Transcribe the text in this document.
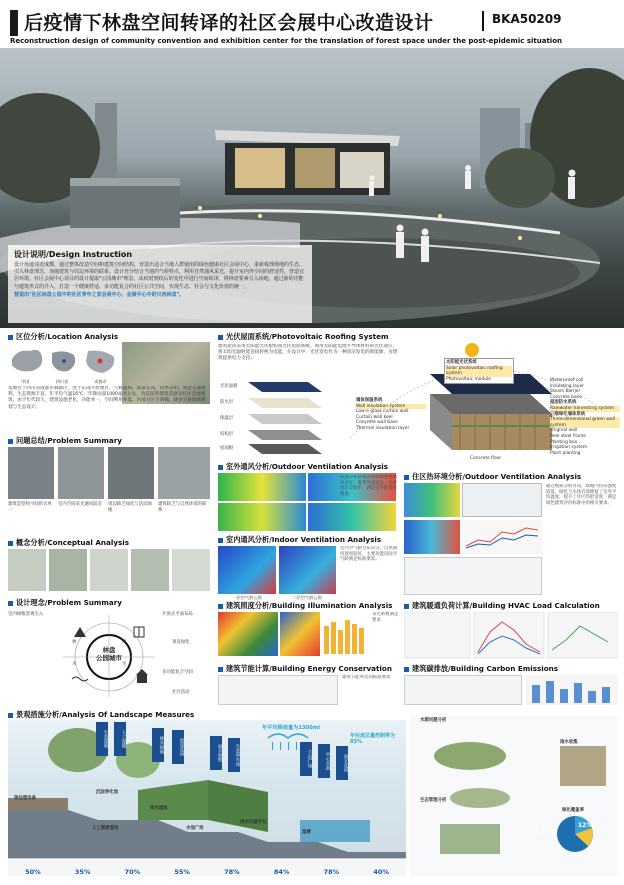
后疫情下林盘空间转译的社区会展中心改造设计	BKA50209
Reconstruction design of community convention and exhibition center for the translation of forest space under the post-epidemic situation
设计说明/Design Instruction
设计场地邻近成都，通过整体改造空间和建筑空间结构，营造出适合当地人群使用的绿色健康社区会展中心，重新梳理场地的生态，引入林盘理念，加强建筑与周边环境的联系。设计充分结合当地的气候特点，利用自然通风采光，提升室内外空间的舒适性，营造宜居环境。社区会展中心项目的设计提取"公园城市"理念，从疫时到疫后的变化中进行空间转译，将林盘要素引入场地，通过新的功能与建筑形式的介入，打造一个健康舒适、多功能复合的社区公共空间，实现生态、社会与文化价值的统一。
营造出"社区林盘公园中的社区青年之家会展中心，会展中心中的川西林盘"。
区位分析/Location Analysis
中国	四川省	成都市
基地位于四川省成都市郫都区，处于东部平原地区，气候温和，雨量充沛，四季分明。周边交通便利，生态资源丰富，年平均气温16℃，年降雨量1000毫米左右。改造前的建筑是原有社区会展建筑，由于年代较久，建筑设施老化，功能单一，空间利用率低，内部分区不明确，缺少交通流线规划与生态设计。
问题总结/Problem Summary
建筑造型和空间形式单一
室内空间采光通风较差	周边缺乏绿化与活动场地
建筑缺乏与自然环境的联系
概念分析/Conceptual Analysis
设计理念/Problem Summary
林盘
公园城市
室内绿植景观引入
林
水
田
宅
开放式平面布局
垂直绿化
多功能复合空间
社区活动
光伏屋面系统/Photovoltaic Roofing System
建筑屋顶采用太阳能光伏板构成光伏屋面系统。利用太阳能电池半导体材料的光伏效应，将太阳光辐射能直接转换为电能。在设计中，光伏发电作为一种清洁发电的新能源，为建筑提供电力支持。
光伏面板
防水层
保温层
结构层
屋面板
太阳能光伏系统
Solar photovoltaic roofing system
Photovoltaic module	Waterproof coil
Insulating layer
Steam barrier
Concrete base
屋面防水系统
Rainwater harvesting system
三维绿化墙体系统
Three-dimensional green wall system
Original wall
Reel steel frame
Planting box
Irrigation system
Plant planting
墙体保温系统
Wall insulation system
Low-e glass curtain wall
Curtain wall keel
Concrete wall base
Thermal insulation layer
Concrete floor
室外通风分析/Outdoor Ventilation Analysis
风速分析结果表明场地整体通风良好，夏季风速适宜，冬季风压差较小，满足室外舒适度要求。
室内通风分析/Indoor Ventilation Analysis
一层空气龄云图	二层空气龄云图
室内空气龄分布均匀，自然通风效果较好，主要功能房间空气龄满足标准要求。
住区热环境分析/Outdoor Ventilation Analysis
通过模拟分析可知，场地内热岛强度较低，绿化与水体有效降低了室外平均温度，提升了住区热舒适度，满足绿色建筑评价标准中的相关要求。
建筑照度分析/Building Illumination Analysis
采光系数满足要求
建筑暖通负荷计算/Building HVAC Load Calculation
建筑节能计算/Building Energy Conservation
建筑节能率达到标准要求
建筑碳排放/Building Carbon Emissions
景观措施分析/Analysis Of Landscape Measures
生态湿地	人工湿地	林木绿地	屋顶花园	雨水收集	生态停车场	下沉广场	中心水池	雨水花园
年平均降雨量为1300ml
年径流总量控制率为85%
预处理设备
沉淀净化池
人工潜流湿地
雨水湿地
水池广场
雨水过滤平台
湿塘
50%	35%	70%	55%	78%	84%	78%	40%
水源问题分析
生态管理分析
雨水收集
绿化覆盖率
35%
12%
